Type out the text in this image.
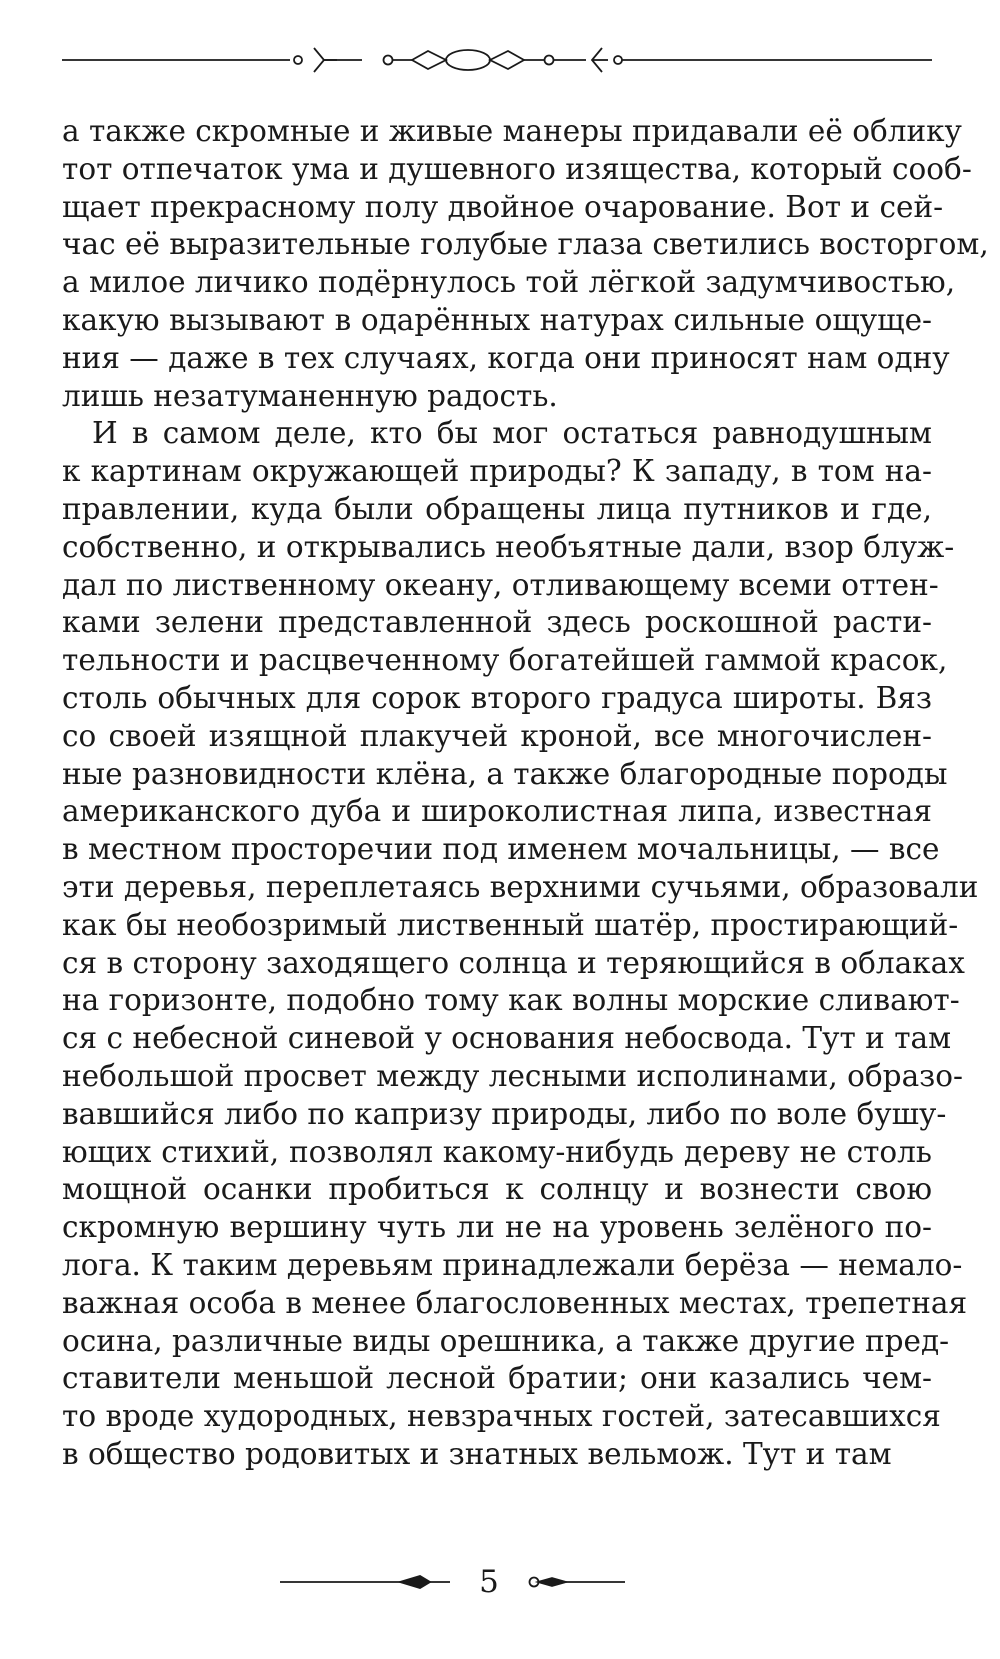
а также скромные и живые манеры придавали её облику
тот отпечаток ума и душевного изящества, который сооб-
щает прекрасному полу двойное очарование. Вот и сей-
час её выразительные голубые глаза светились восторгом,
а милое личико подёрнулось той лёгкой задумчивостью,
какую вызывают в одарённых натурах сильные ощуще-
ния — даже в тех случаях, когда они приносят нам одну
лишь незатуманенную радость.
И в самом деле, кто бы мог остаться равнодушным
к картинам окружающей природы? К западу, в том на-
правлении, куда были обращены лица путников и где,
собственно, и открывались необъятные дали, взор блуж-
дал по лиственному океану, отливающему всеми оттен-
ками зелени представленной здесь роскошной расти-
тельности и расцвеченному богатейшей гаммой красок,
столь обычных для сорок второго градуса широты. Вяз
со своей изящной плакучей кроной, все многочислен-
ные разновидности клёна, а также благородные породы
американского дуба и широколистная липа, известная
в местном просторечии под именем мочальницы, — все
эти деревья, переплетаясь верхними сучьями, образовали
как бы необозримый лиственный шатёр, простирающий-
ся в сторону заходящего солнца и теряющийся в облаках
на горизонте, подобно тому как волны морские сливают-
ся с небесной синевой у основания небосвода. Тут и там
небольшой просвет между лесными исполинами, образо-
вавшийся либо по капризу природы, либо по воле бушу-
ющих стихий, позволял какому-нибудь дереву не столь
мощной осанки пробиться к солнцу и вознести свою
скромную вершину чуть ли не на уровень зелёного по-
лога. К таким деревьям принадлежали берёза — немало-
важная особа в менее благословенных местах, трепетная
осина, различные виды орешника, а также другие пред-
ставители меньшой лесной братии; они казались чем-
то вроде худородных, невзрачных гостей, затесавшихся
в общество родовитых и знатных вельмож. Тут и там
5
